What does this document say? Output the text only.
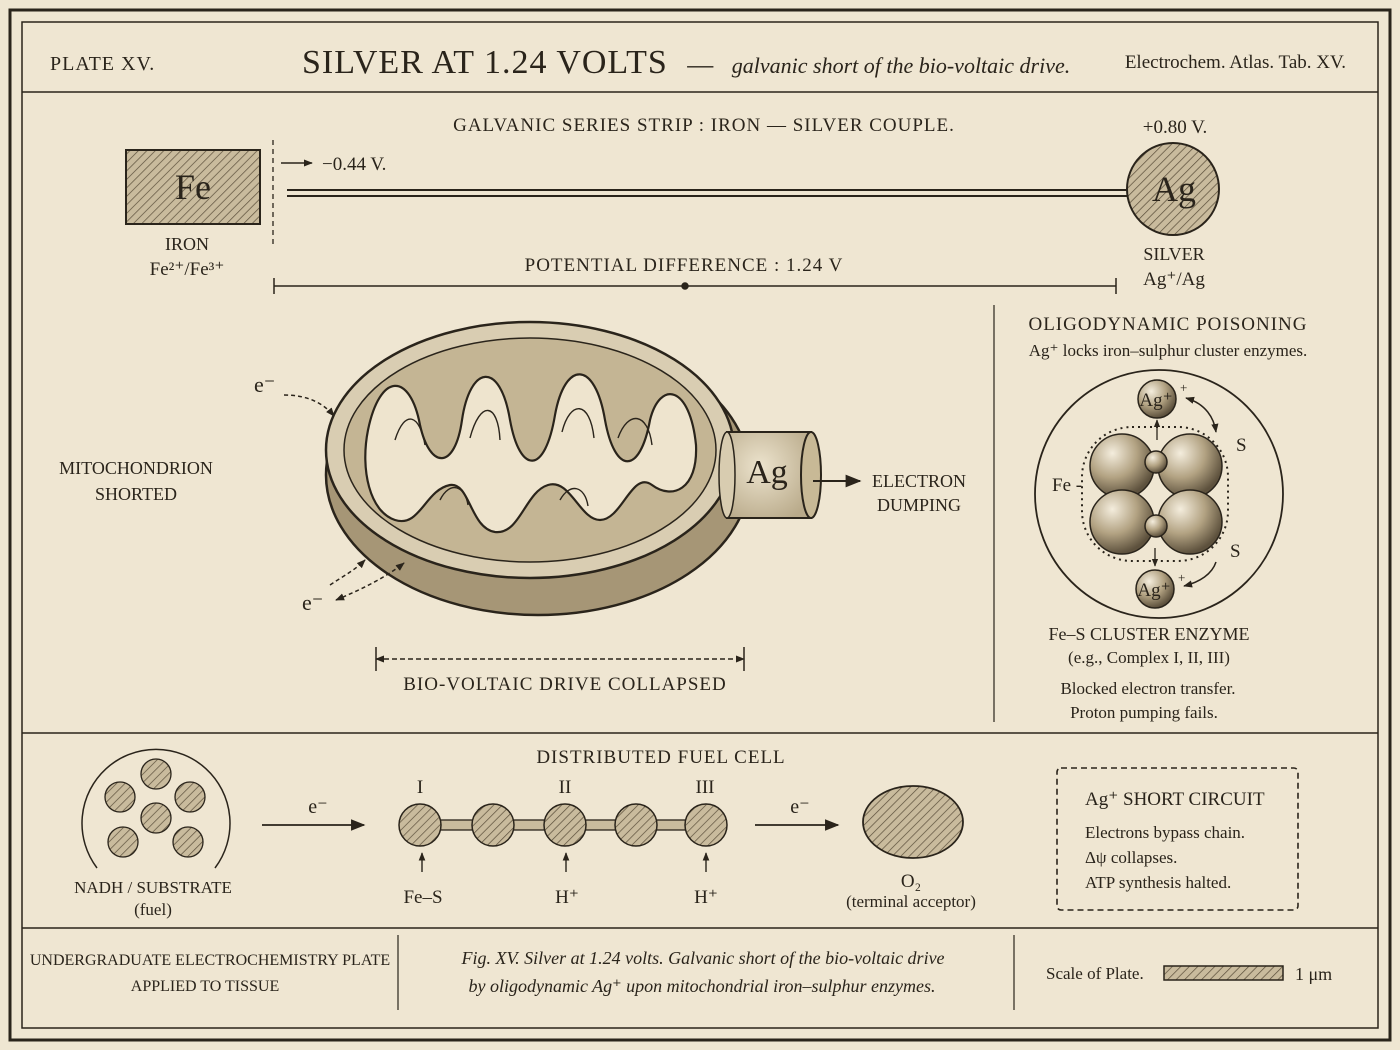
PLATE XV.	SILVER AT 1.24 VOLTS — galvanic short of the bio-voltaic drive.	Electrochem. Atlas. Tab. XV.
GALVANIC SERIES STRIP : IRON — SILVER COUPLE.
Fe
IRON
Fe²⁺/Fe³⁺
−0.44 V.
+0.80 V.
Ag
SILVER
Ag⁺/Ag
POTENTIAL DIFFERENCE : 1.24 V
MITOCHONDRION
SHORTED
Ag	ELECTRON
DUMPING
e⁻
e⁻
BIO-VOLTAIC DRIVE COLLAPSED
OLIGODYNAMIC POISONING
Ag⁺ locks iron–sulphur cluster enzymes.
Ag⁺
+
Ag⁺
+
Fe -
S
S
Fe–S CLUSTER ENZYME
(e.g., Complex I, II, III)
Blocked electron transfer.
Proton pumping fails.
DISTRIBUTED FUEL CELL
NADH / SUBSTRATE
(fuel)
e⁻
I	II	III
Fe–S	H⁺	H⁺
e⁻
O₂
(terminal acceptor)
Ag⁺ SHORT CIRCUIT
Electrons bypass chain.
Δψ collapses.
ATP synthesis halted.
UNDERGRADUATE ELECTROCHEMISTRY PLATE
APPLIED TO TISSUE
Fig. XV. Silver at 1.24 volts. Galvanic short of the bio-voltaic drive
by oligodynamic Ag⁺ upon mitochondrial iron–sulphur enzymes.
Scale of Plate.	1 μm
